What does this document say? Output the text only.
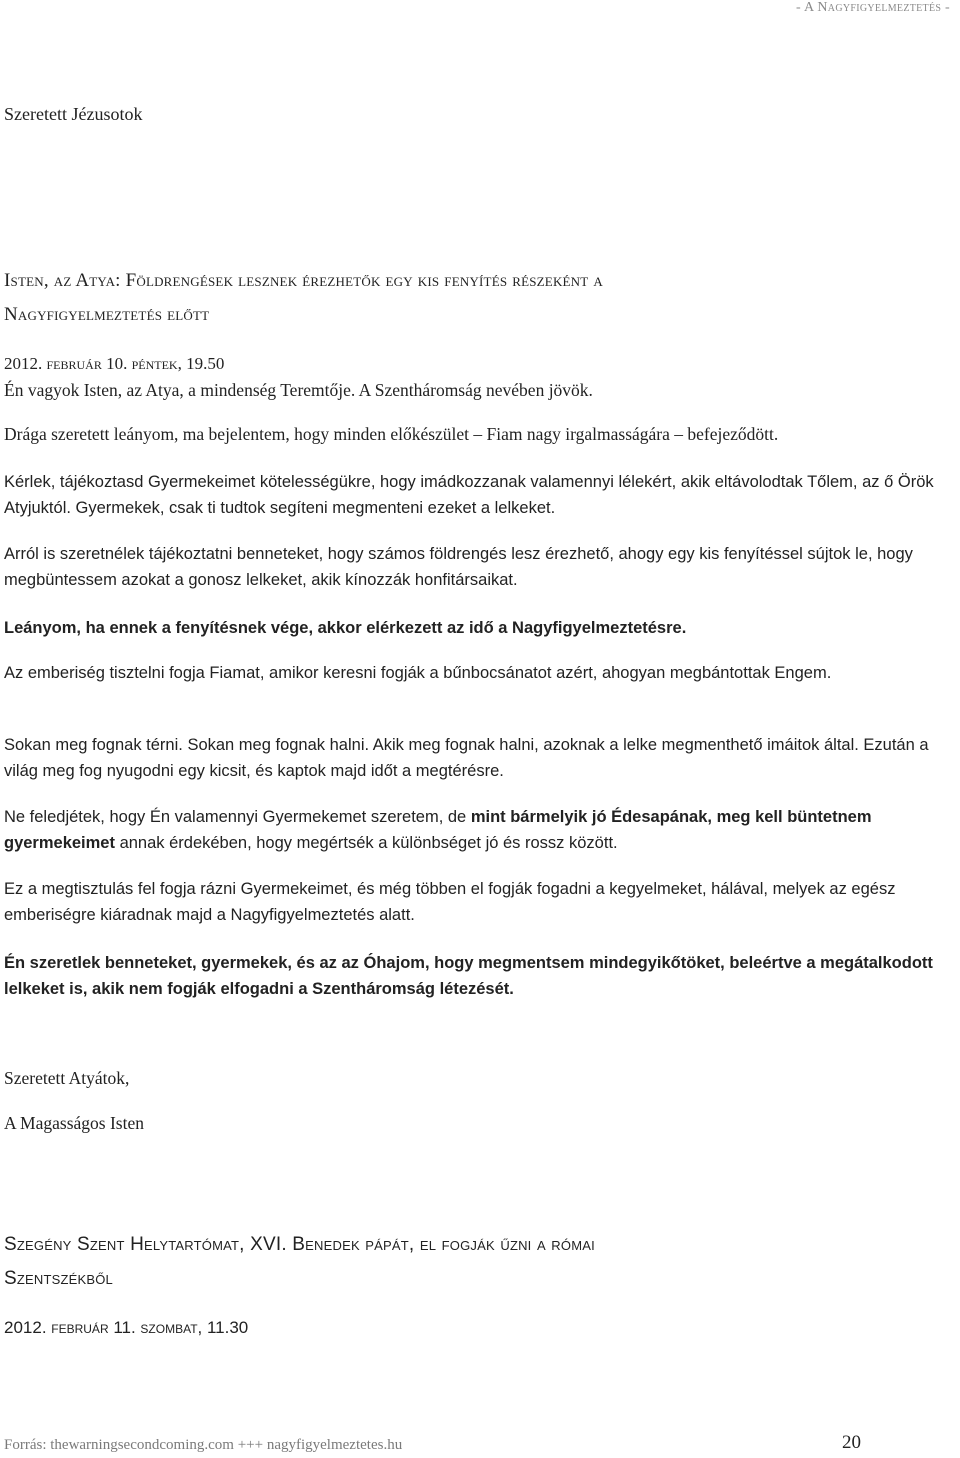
- A Nagyfigyelmeztetés -
Szeretett Jézusotok
Isten, az Atya: Földrengések lesznek érezhetők egy kis fenyítés részeként a
Nagyfigyelmeztetés előtt
2012. február 10. péntek, 19.50
Én vagyok Isten, az Atya, a mindenség Teremtője. A Szentháromság nevében jövök.
Drága szeretett leányom, ma bejelentem, hogy minden előkészület – Fiam nagy irgalmasságára – befejeződött.
Kérlek, tájékoztasd Gyermekeimet kötelességükre, hogy imádkozzanak valamennyi lélekért, akik eltávolodtak Tőlem, az ő Örök Atyjuktól. Gyermekek, csak ti tudtok segíteni megmenteni ezeket a lelkeket.
Arról is szeretnélek tájékoztatni benneteket, hogy számos földrengés lesz érezhető, ahogy egy kis fenyítéssel sújtok le, hogy megbüntessem azokat a gonosz lelkeket, akik kínozzák honfitársaikat.
Leányom, ha ennek a fenyítésnek vége, akkor elérkezett az idő a Nagyfigyelmeztetésre.
Az emberiség tisztelni fogja Fiamat, amikor keresni fogják a bűnbocsánatot azért, ahogyan megbántottak Engem.
Sokan meg fognak térni. Sokan meg fognak halni. Akik meg fognak halni, azoknak a lelke megmenthető imáitok által. Ezután a világ meg fog nyugodni egy kicsit, és kaptok majd időt a megtérésre.
Ne feledjétek, hogy Én valamennyi Gyermekemet szeretem, de mint bármelyik jó Édesapának, meg kell büntetnem gyermekeimet annak érdekében, hogy megértsék a különbséget jó és rossz között.
Ez a megtisztulás fel fogja rázni Gyermekeimet, és még többen el fogják fogadni a kegyelmeket, hálával, melyek az egész emberiségre kiáradnak majd a Nagyfigyelmeztetés alatt.
Én szeretlek benneteket, gyermekek, és az az Óhajom, hogy megmentsem mindegyikőtöket, beleértve a megátalkodott lelkeket is, akik nem fogják elfogadni a Szentháromság létezését.
Szeretett Atyátok,
A Magasságos Isten
Szegény Szent Helytartómat, XVI. Benedek pápát, el fogják űzni a római
Szentszékből
2012. február 11. szombat, 11.30
Forrás: thewarningsecondcoming.com +++ nagyfigyelmeztetes.hu	20
